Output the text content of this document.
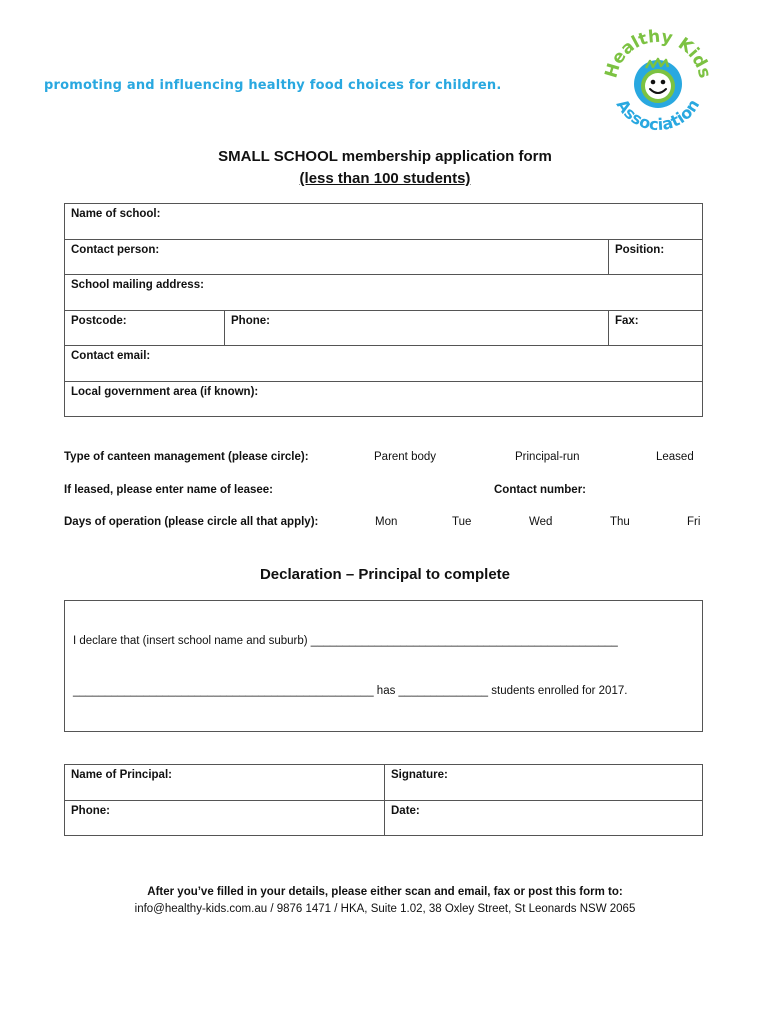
promoting and influencing healthy food choices for children.
Healthy Kids
Association
SMALL SCHOOL membership application form
(less than 100 students)
Name of school:		
Contact person:		Position:
School mailing address:		
Postcode:	Phone:	Fax:
Contact email:		
Local government area (if known):		
Type of canteen management (please circle):	Parent body	Principal-run	Leased
If leased, please enter name of leasee:	Contact number:
Days of operation (please circle all that apply):	Mon	Tue	Wed	Thu	Fri
Declaration – Principal to complete
I declare that (insert school name and suburb) ________________________________________________
_______________________________________________ has ______________ students enrolled for 2017.
Name of Principal:	Signature:
Phone:	Date:
After you’ve filled in your details, please either scan and email, fax or post this form to:
info@healthy-kids.com.au / 9876 1471 / HKA, Suite 1.02, 38 Oxley Street, St Leonards NSW 2065
